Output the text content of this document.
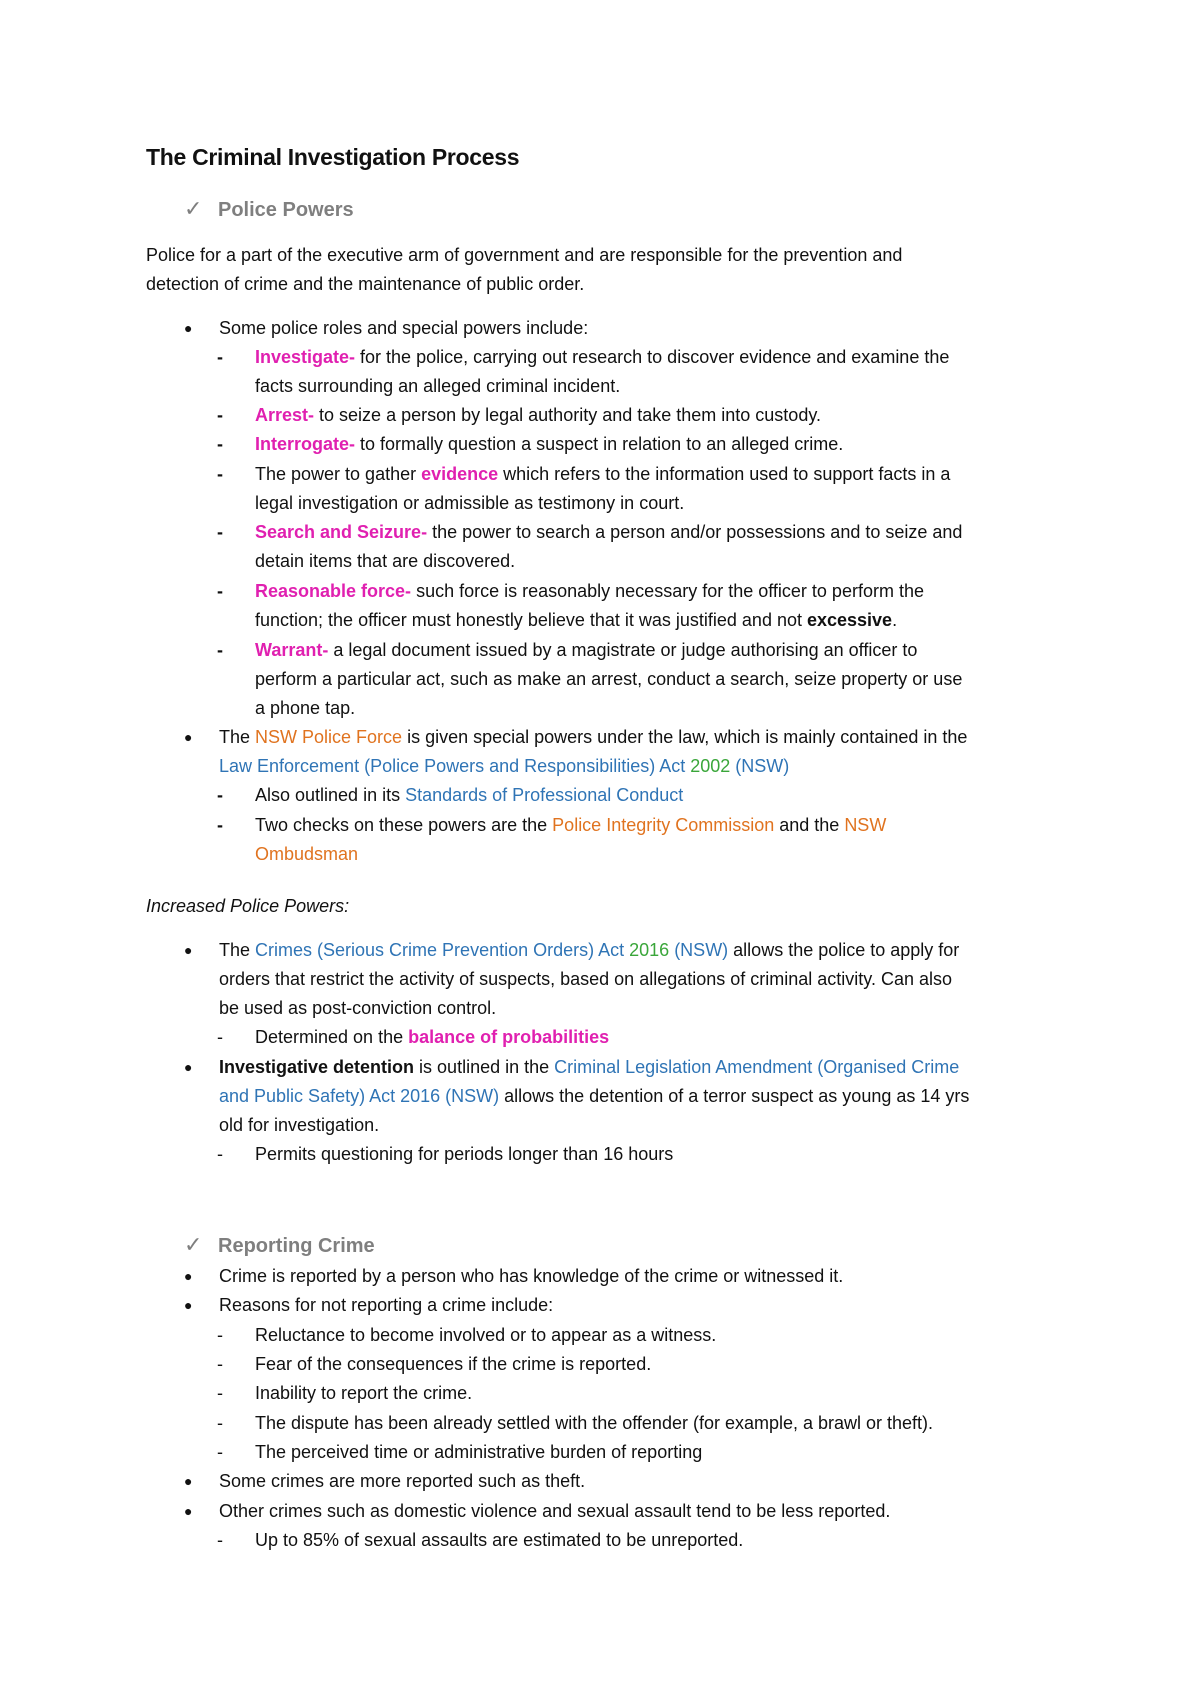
The Criminal Investigation Process
✓ Police Powers
Police for a part of the executive arm of government and are responsible for the prevention and
detection of crime and the maintenance of public order.
● Some police roles and special powers include:
- Investigate- for the police, carrying out research to discover evidence and examine the
facts surrounding an alleged criminal incident.
- Arrest- to seize a person by legal authority and take them into custody.
- Interrogate- to formally question a suspect in relation to an alleged crime.
- The power to gather evidence which refers to the information used to support facts in a
legal investigation or admissible as testimony in court.
- Search and Seizure- the power to search a person and/or possessions and to seize and
detain items that are discovered.
- Reasonable force- such force is reasonably necessary for the officer to perform the
function; the officer must honestly believe that it was justified and not excessive.
- Warrant- a legal document issued by a magistrate or judge authorising an officer to
perform a particular act, such as make an arrest, conduct a search, seize property or use
a phone tap.
● The NSW Police Force is given special powers under the law, which is mainly contained in the
Law Enforcement (Police Powers and Responsibilities) Act 2002 (NSW)
- Also outlined in its Standards of Professional Conduct
- Two checks on these powers are the Police Integrity Commission and the NSW
Ombudsman
Increased Police Powers:
● The Crimes (Serious Crime Prevention Orders) Act 2016 (NSW) allows the police to apply for
orders that restrict the activity of suspects, based on allegations of criminal activity. Can also
be used as post-conviction control.
- Determined on the balance of probabilities
● Investigative detention is outlined in the Criminal Legislation Amendment (Organised Crime
and Public Safety) Act 2016 (NSW) allows the detention of a terror suspect as young as 14 yrs
old for investigation.
- Permits questioning for periods longer than 16 hours
✓ Reporting Crime
● Crime is reported by a person who has knowledge of the crime or witnessed it.
● Reasons for not reporting a crime include:
- Reluctance to become involved or to appear as a witness.
- Fear of the consequences if the crime is reported.
- Inability to report the crime.
- The dispute has been already settled with the offender (for example, a brawl or theft).
- The perceived time or administrative burden of reporting
● Some crimes are more reported such as theft.
● Other crimes such as domestic violence and sexual assault tend to be less reported.
- Up to 85% of sexual assaults are estimated to be unreported.
